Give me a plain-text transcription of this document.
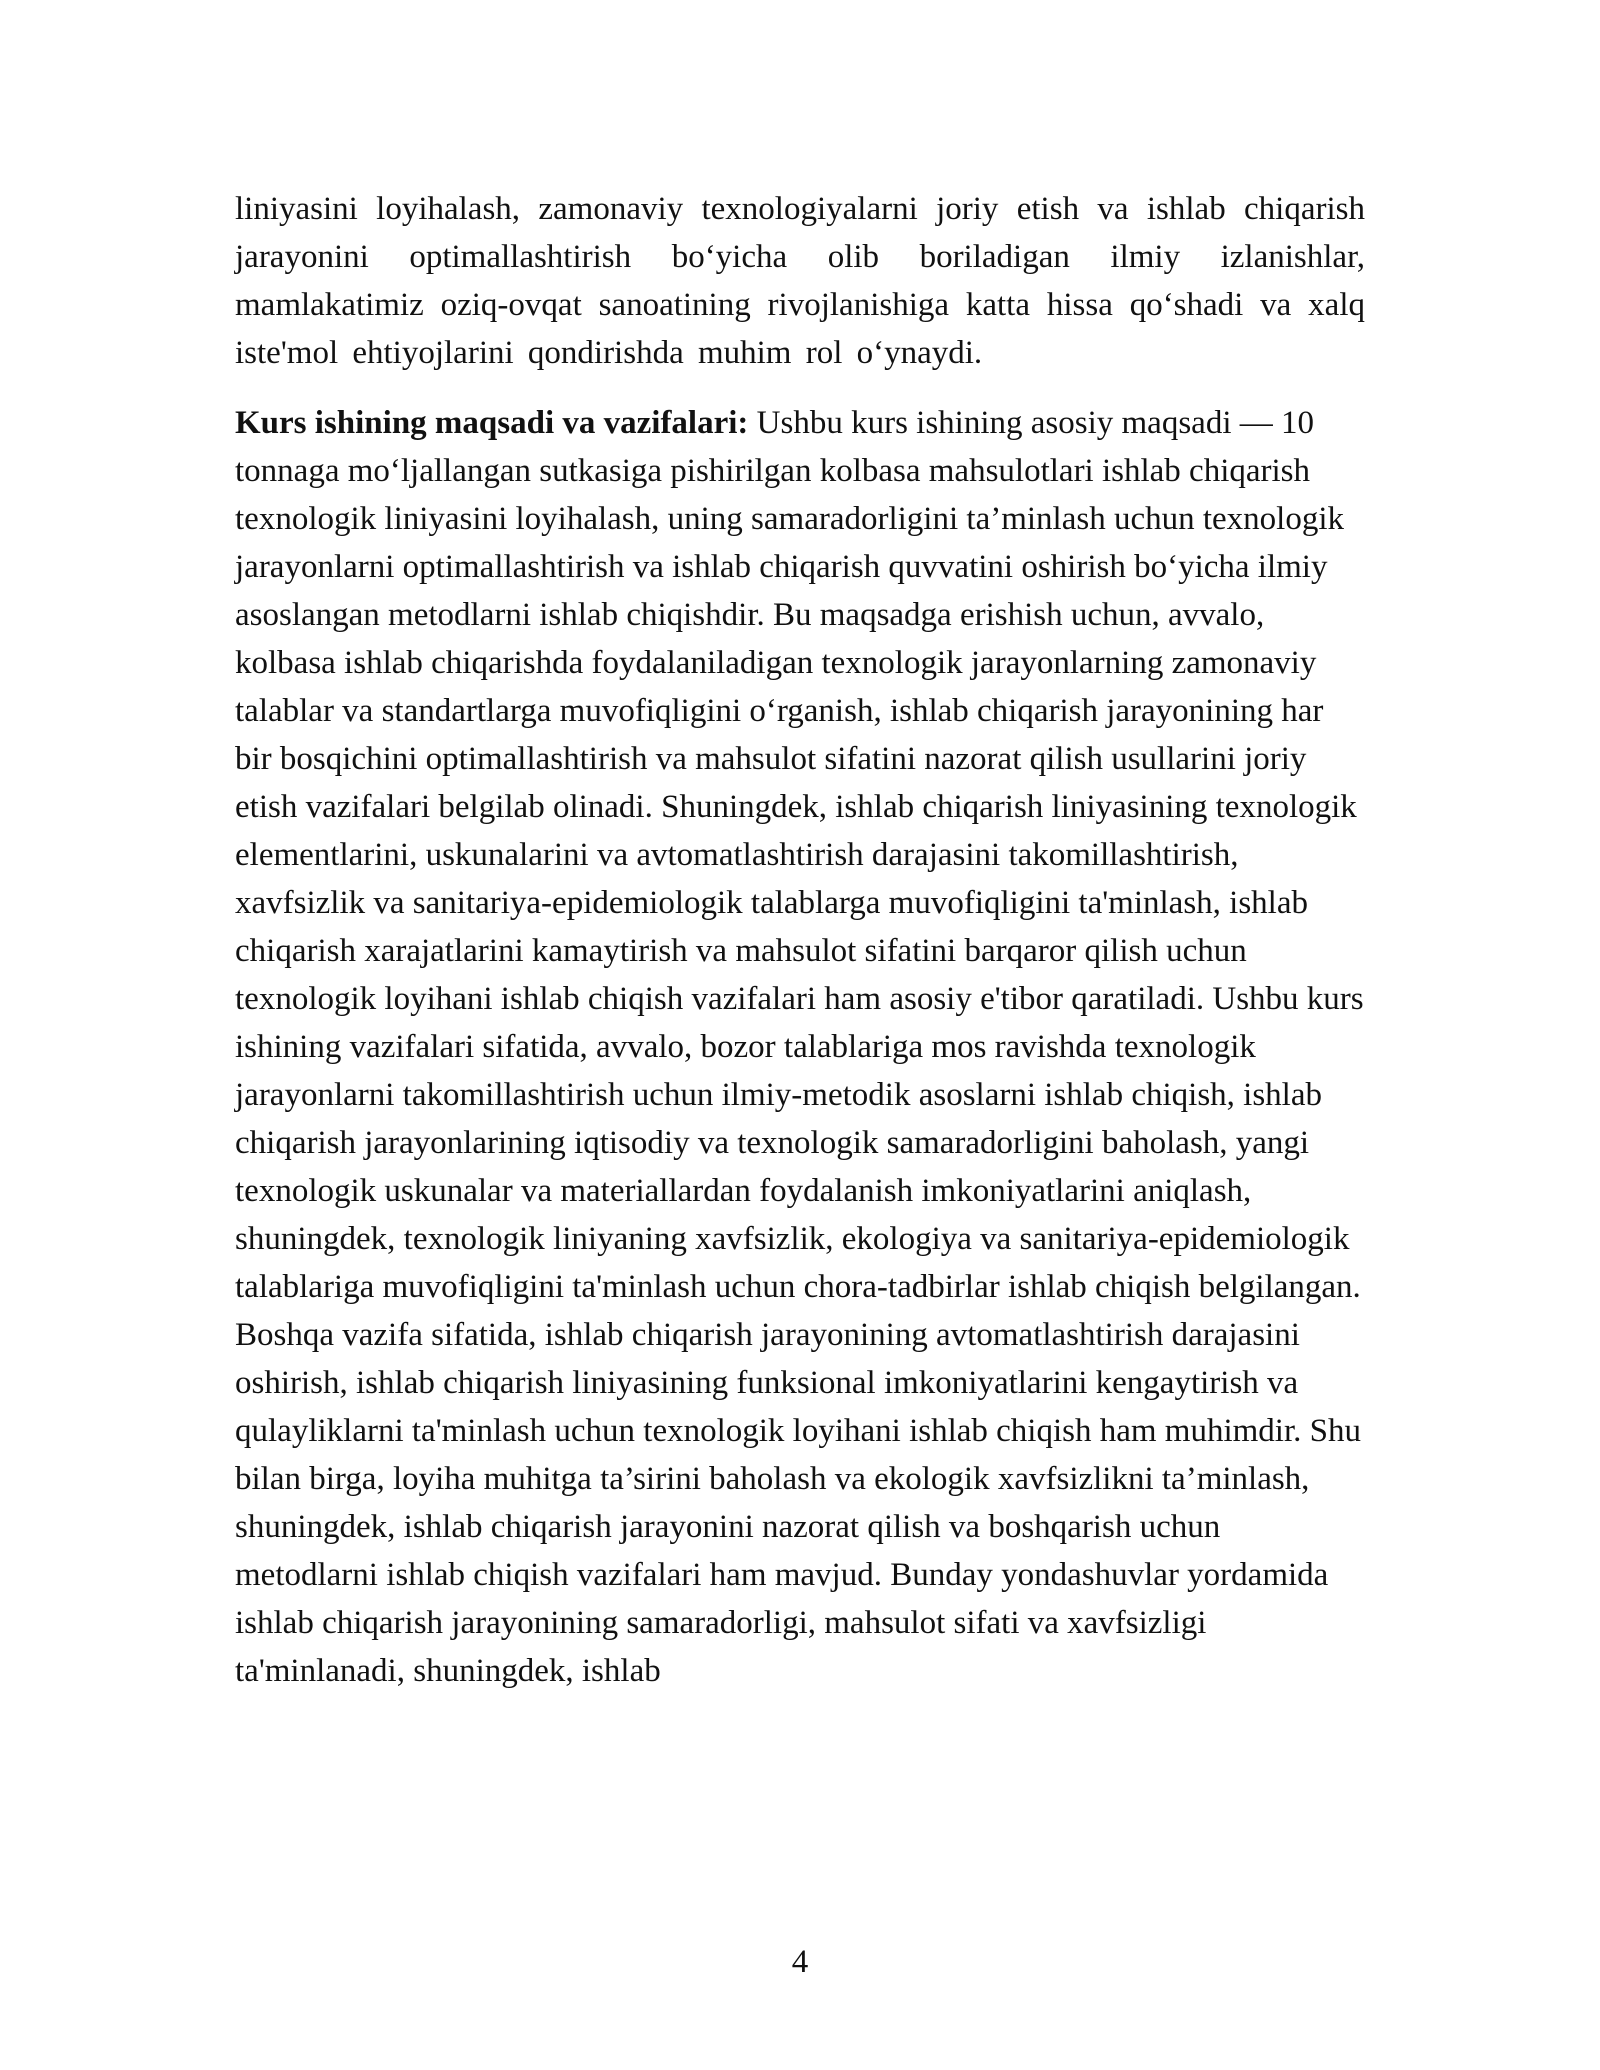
liniyasini loyihalash, zamonaviy texnologiyalarni joriy etish va ishlab chiqarish jarayonini optimallashtirish bo‘yicha olib boriladigan ilmiy izlanishlar, mamlakatimiz oziq-ovqat sanoatining rivojlanishiga katta hissa qo‘shadi va xalq iste'mol ehtiyojlarini qondirishda muhim rol o‘ynaydi.

Kurs ishining maqsadi va vazifalari: Ushbu kurs ishining asosiy maqsadi — 10 tonnaga mo‘ljallangan sutkasiga pishirilgan kolbasa mahsulotlari ishlab chiqarish texnologik liniyasini loyihalash, uning samaradorligini ta’minlash uchun texnologik jarayonlarni optimallashtirish va ishlab chiqarish quvvatini oshirish bo‘yicha ilmiy asoslangan metodlarni ishlab chiqishdir. Bu maqsadga erishish uchun, avvalo, kolbasa ishlab chiqarishda foydalaniladigan texnologik jarayonlarning zamonaviy talablar va standartlarga muvofiqligini o‘rganish, ishlab chiqarish jarayonining har bir bosqichini optimallashtirish va mahsulot sifatini nazorat qilish usullarini joriy etish vazifalari belgilab olinadi. Shuningdek, ishlab chiqarish liniyasining texnologik elementlarini, uskunalarini va avtomatlashtirish darajasini takomillashtirish, xavfsizlik va sanitariya-epidemiologik talablarga muvofiqligini ta'minlash, ishlab chiqarish xarajatlarini kamaytirish va mahsulot sifatini barqaror qilish uchun texnologik loyihani ishlab chiqish vazifalari ham asosiy e'tibor qaratiladi. Ushbu kurs ishining vazifalari sifatida, avvalo, bozor talablariga mos ravishda texnologik jarayonlarni takomillashtirish uchun ilmiy-metodik asoslarni ishlab chiqish, ishlab chiqarish jarayonlarining iqtisodiy va texnologik samaradorligini baholash, yangi texnologik uskunalar va materiallardan foydalanish imkoniyatlarini aniqlash, shuningdek, texnologik liniyaning xavfsizlik, ekologiya va sanitariya-epidemiologik talablariga muvofiqligini ta'minlash uchun chora-tadbirlar ishlab chiqish belgilangan. Boshqa vazifa sifatida, ishlab chiqarish jarayonining avtomatlashtirish darajasini oshirish, ishlab chiqarish liniyasining funksional imkoniyatlarini kengaytirish va qulayliklarni ta'minlash uchun texnologik loyihani ishlab chiqish ham muhimdir. Shu bilan birga, loyiha muhitga ta’sirini baholash va ekologik xavfsizlikni ta’minlash, shuningdek, ishlab chiqarish jarayonini nazorat qilish va boshqarish uchun metodlarni ishlab chiqish vazifalari ham mavjud. Bunday yondashuvlar yordamida ishlab chiqarish jarayonining samaradorligi, mahsulot sifati va xavfsizligi ta'minlanadi, shuningdek, ishlab

4
